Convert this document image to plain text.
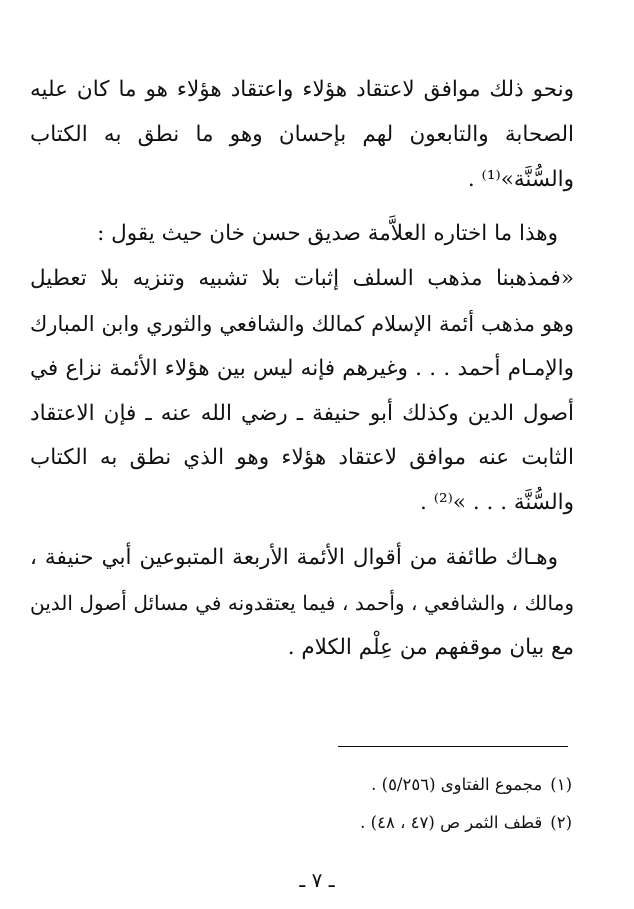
ونحو ذلك موافق لاعتقاد هؤلاء واعتقاد هؤلاء هو ما كان عليه
الصحابة والتابعون لهم بإحسان وهو ما نطق به الكتاب
والسُّنَّة»⁽¹⁾ .
وهذا ما اختاره العلاَّمة صديق حسن خان حيث يقول :
«فمذهبنا مذهب السلف إثبات بلا تشبيه وتنزيه بلا تعطيل
وهو مذهب أئمة الإسلام كمالك والشافعي والثوري وابن المبارك
والإمـام أحمد . . . وغيرهم فإنه ليس بين هؤلاء الأئمة نزاع في
أصول الدين وكذلك أبو حنيفة ـ رضي الله عنه ـ فإن الاعتقاد
الثابت عنه موافق لاعتقاد هؤلاء وهو الذي نطق به الكتاب
والسُّنَّة . . . »⁽²⁾ .
وهـاك طائفة من أقوال الأئمة الأربعة المتبوعين أبي حنيفة ،
ومالك ، والشافعي ، وأحمد ، فيما يعتقدونه في مسائل أصول الدين
مع بيان موقفهم من عِلْم الكلام .
(١)مجموع الفتاوى (٥/٢٥٦) .
(٢)قطف الثمر ص (٤٧ ، ٤٨) .
ـ ٧ ـ
